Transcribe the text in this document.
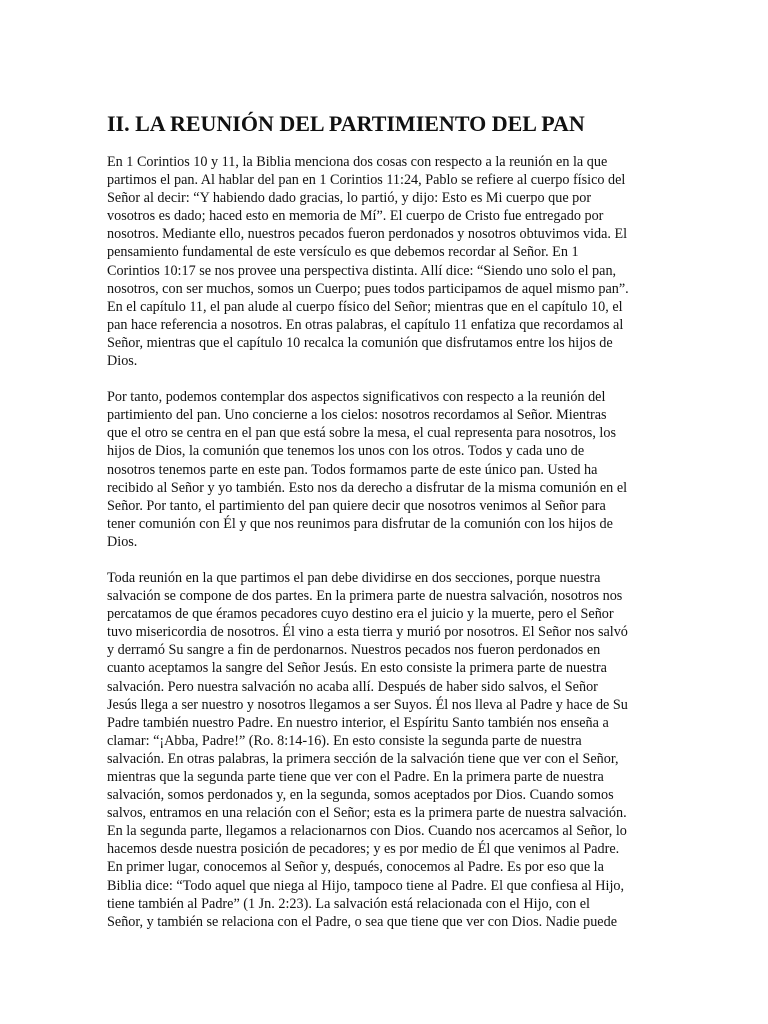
II. LA REUNIÓN DEL PARTIMIENTO DEL PAN

En 1 Corintios 10 y 11, la Biblia menciona dos cosas con respecto a la reunión en la que
partimos el pan. Al hablar del pan en 1 Corintios 11:24, Pablo se refiere al cuerpo físico del
Señor al decir: “Y habiendo dado gracias, lo partió, y dijo: Esto es Mi cuerpo que por
vosotros es dado; haced esto en memoria de Mí”. El cuerpo de Cristo fue entregado por
nosotros. Mediante ello, nuestros pecados fueron perdonados y nosotros obtuvimos vida. El
pensamiento fundamental de este versículo es que debemos recordar al Señor. En 1
Corintios 10:17 se nos provee una perspectiva distinta. Allí dice: “Siendo uno solo el pan,
nosotros, con ser muchos, somos un Cuerpo; pues todos participamos de aquel mismo pan”.
En el capítulo 11, el pan alude al cuerpo físico del Señor; mientras que en el capítulo 10, el
pan hace referencia a nosotros. En otras palabras, el capítulo 11 enfatiza que recordamos al
Señor, mientras que el capítulo 10 recalca la comunión que disfrutamos entre los hijos de
Dios.

Por tanto, podemos contemplar dos aspectos significativos con respecto a la reunión del
partimiento del pan. Uno concierne a los cielos: nosotros recordamos al Señor. Mientras
que el otro se centra en el pan que está sobre la mesa, el cual representa para nosotros, los
hijos de Dios, la comunión que tenemos los unos con los otros. Todos y cada uno de
nosotros tenemos parte en este pan. Todos formamos parte de este único pan. Usted ha
recibido al Señor y yo también. Esto nos da derecho a disfrutar de la misma comunión en el
Señor. Por tanto, el partimiento del pan quiere decir que nosotros venimos al Señor para
tener comunión con Él y que nos reunimos para disfrutar de la comunión con los hijos de
Dios.

Toda reunión en la que partimos el pan debe dividirse en dos secciones, porque nuestra
salvación se compone de dos partes. En la primera parte de nuestra salvación, nosotros nos
percatamos de que éramos pecadores cuyo destino era el juicio y la muerte, pero el Señor
tuvo misericordia de nosotros. Él vino a esta tierra y murió por nosotros. El Señor nos salvó
y derramó Su sangre a fin de perdonarnos. Nuestros pecados nos fueron perdonados en
cuanto aceptamos la sangre del Señor Jesús. En esto consiste la primera parte de nuestra
salvación. Pero nuestra salvación no acaba allí. Después de haber sido salvos, el Señor
Jesús llega a ser nuestro y nosotros llegamos a ser Suyos. Él nos lleva al Padre y hace de Su
Padre también nuestro Padre. En nuestro interior, el Espíritu Santo también nos enseña a
clamar: “¡Abba, Padre!” (Ro. 8:14-16). En esto consiste la segunda parte de nuestra
salvación. En otras palabras, la primera sección de la salvación tiene que ver con el Señor,
mientras que la segunda parte tiene que ver con el Padre. En la primera parte de nuestra
salvación, somos perdonados y, en la segunda, somos aceptados por Dios. Cuando somos
salvos, entramos en una relación con el Señor; esta es la primera parte de nuestra salvación.
En la segunda parte, llegamos a relacionarnos con Dios. Cuando nos acercamos al Señor, lo
hacemos desde nuestra posición de pecadores; y es por medio de Él que venimos al Padre.
En primer lugar, conocemos al Señor y, después, conocemos al Padre. Es por eso que la
Biblia dice: “Todo aquel que niega al Hijo, tampoco tiene al Padre. El que confiesa al Hijo,
tiene también al Padre” (1 Jn. 2:23). La salvación está relacionada con el Hijo, con el
Señor, y también se relaciona con el Padre, o sea que tiene que ver con Dios. Nadie puede
